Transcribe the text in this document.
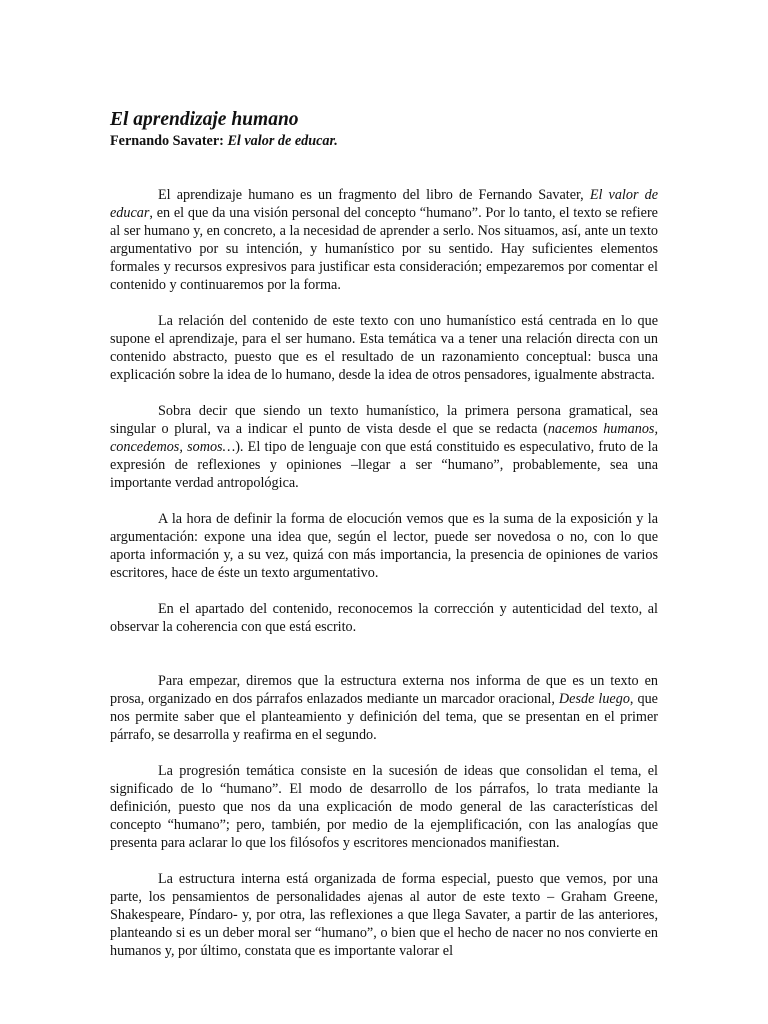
El aprendizaje humano
Fernando Savater: El valor de educar.

El aprendizaje humano es un fragmento del libro de Fernando Savater, El valor de educar, en el que da una visión personal del concepto “humano”. Por lo tanto, el texto se refiere al ser humano y, en concreto, a la necesidad de aprender a serlo. Nos situamos, así, ante un texto argumentativo por su intención, y humanístico por su sentido. Hay suficientes elementos formales y recursos expresivos para justificar esta consideración; empezaremos por comentar el contenido y continuaremos por la forma.

La relación del contenido de este texto con uno humanístico está centrada en lo que supone el aprendizaje, para el ser humano. Esta temática va a tener una relación directa con un contenido abstracto, puesto que es el resultado de un razonamiento conceptual: busca una explicación sobre la idea de lo humano, desde la idea de otros pensadores, igualmente abstracta.

Sobra decir que siendo un texto humanístico, la primera persona gramatical, sea singular o plural, va a indicar el punto de vista desde el que se redacta (nacemos humanos, concedemos, somos…). El tipo de lenguaje con que está constituido es especulativo, fruto de la expresión de reflexiones y opiniones –llegar a ser “humano”, probablemente, sea una importante verdad antropológica.

A la hora de definir la forma de elocución vemos que es la suma de la exposición y la argumentación: expone una idea que, según el lector, puede ser novedosa o no, con lo que aporta información y, a su vez, quizá con más importancia, la presencia de opiniones de varios escritores, hace de éste un texto argumentativo.

En el apartado del contenido, reconocemos la corrección y autenticidad del texto, al observar la coherencia con que está escrito.

Para empezar, diremos que la estructura externa nos informa de que es un texto en prosa, organizado en dos párrafos enlazados mediante un marcador oracional, Desde luego, que nos permite saber que el planteamiento y definición del tema, que se presentan en el primer párrafo, se desarrolla y reafirma en el segundo.

La progresión temática consiste en la sucesión de ideas que consolidan el tema, el significado de lo “humano”. El modo de desarrollo de los párrafos, lo trata mediante la definición, puesto que nos da una explicación de modo general de las características del concepto “humano”; pero, también, por medio de la ejemplificación, con las analogías que presenta para aclarar lo que los filósofos y escritores mencionados manifiestan.

La estructura interna está organizada de forma especial, puesto que vemos, por una parte, los pensamientos de personalidades ajenas al autor de este texto – Graham Greene, Shakespeare, Píndaro- y, por otra, las reflexiones a que llega Savater, a partir de las anteriores, planteando si es un deber moral ser “humano”, o bien que el hecho de nacer no nos convierte en humanos y, por último, constata que es importante valorar el
